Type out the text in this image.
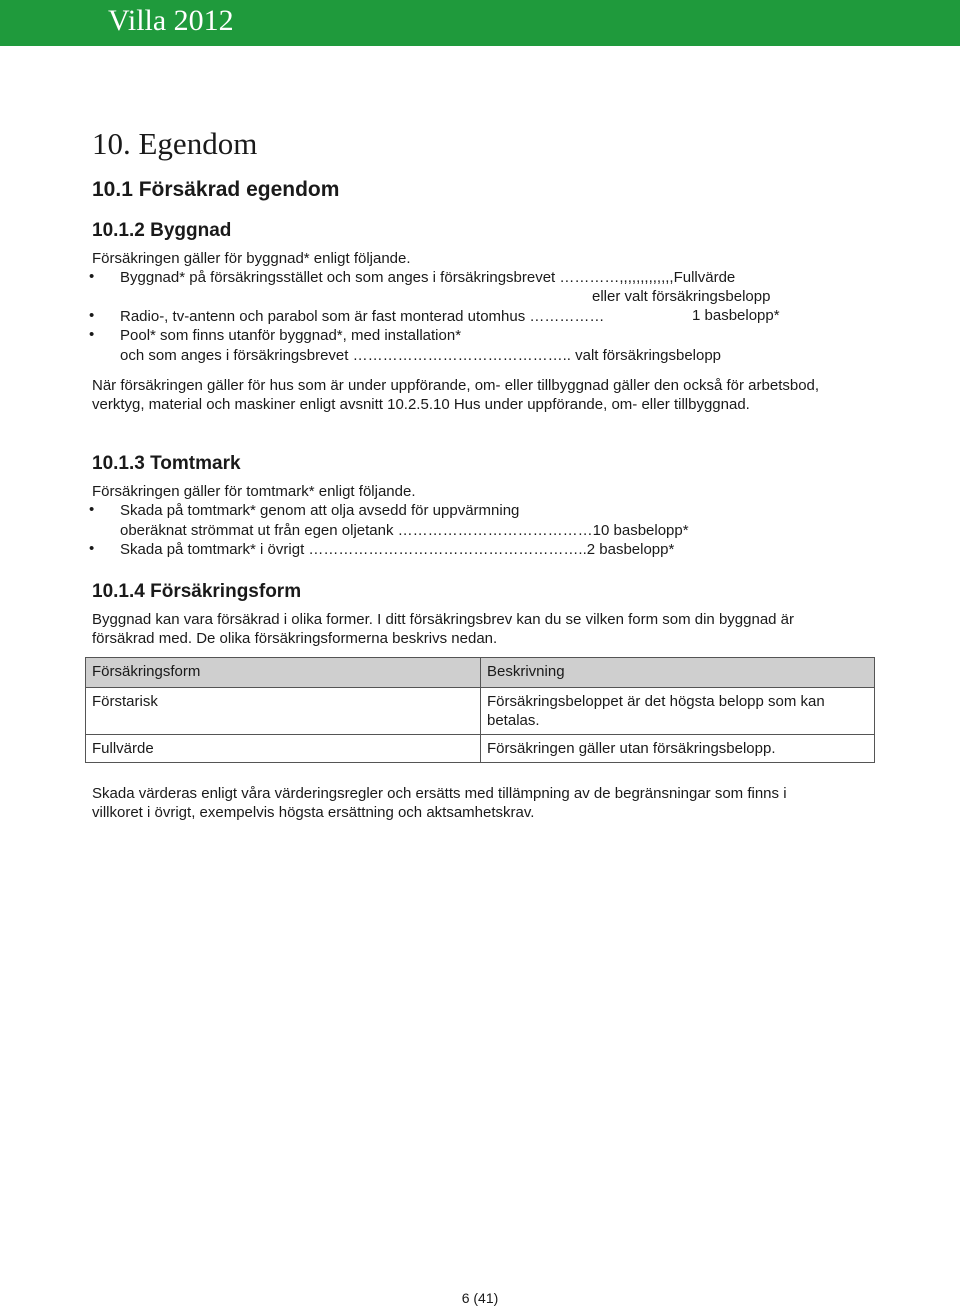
Villa 2012
10. Egendom
10.1 Försäkrad egendom
10.1.2 Byggnad
Försäkringen gäller för byggnad* enligt följande.
• Byggnad* på försäkringsstället och som anges i försäkringsbrevet …………,,,,,,,,,,,,,Fullvärde
eller valt försäkringsbelopp
• Radio-, tv-antenn och parabol som är fast monterad utomhus ……………	1 basbelopp*
• Pool* som finns utanför byggnad*, med installation*
och som anges i försäkringsbrevet …………………………………….. valt försäkringsbelopp
När försäkringen gäller för hus som är under uppförande, om- eller tillbyggnad gäller den också för arbetsbod, verktyg, material och maskiner enligt avsnitt 10.2.5.10 Hus under uppförande, om- eller tillbyggnad.
10.1.3 Tomtmark
Försäkringen gäller för tomtmark* enligt följande.
• Skada på tomtmark* genom att olja avsedd för uppvärmning
oberäknat strömmat ut från egen oljetank …………………………………10 basbelopp*
• Skada på tomtmark* i övrigt ………………………………………………..2 basbelopp*
10.1.4 Försäkringsform
Byggnad kan vara försäkrad i olika former. I ditt försäkringsbrev kan du se vilken form som din byggnad är försäkrad med. De olika försäkringsformerna beskrivs nedan.
Försäkringsform	Beskrivning
Förstarisk	Försäkringsbeloppet är det högsta belopp som kan betalas.
Fullvärde	Försäkringen gäller utan försäkringsbelopp.
Skada värderas enligt våra värderingsregler och ersätts med tillämpning av de begränsningar som finns i villkoret i övrigt, exempelvis högsta ersättning och aktsamhetskrav.
6 (41)
